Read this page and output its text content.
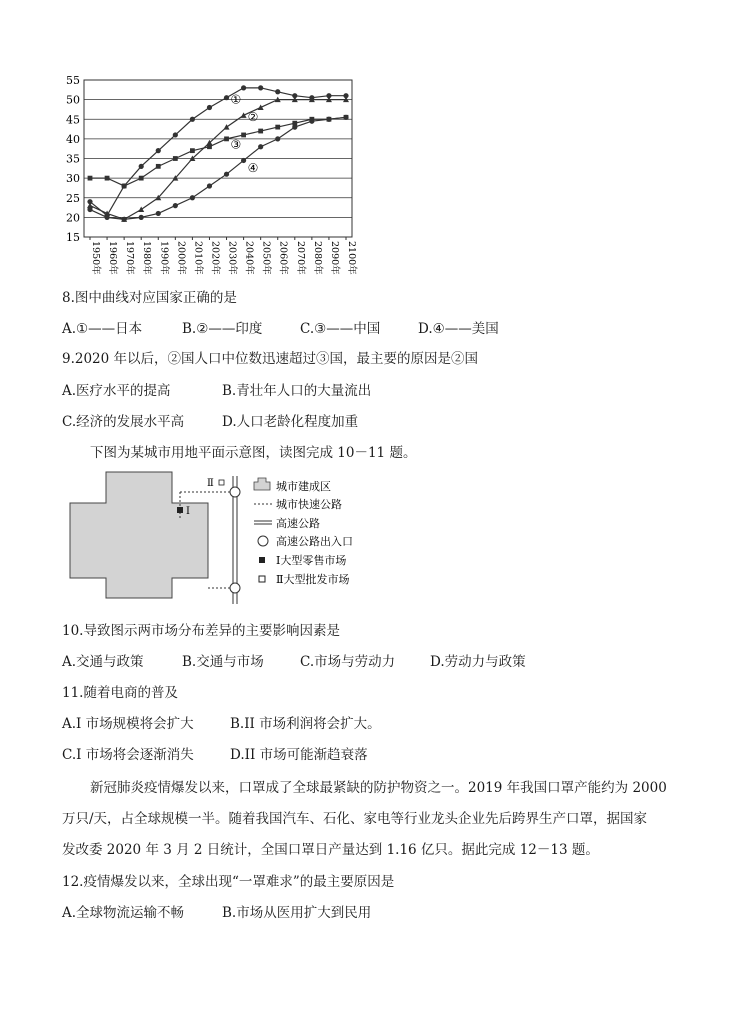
15
20
25
30
35
40
45
50
55
1950年 1960年 1970年 1980年 1990年 2000年 2010年 2020年 2030年 2040年 2050年 2060年 2070年 2080年 2090年 2100年
①
②
③
④
8.图中曲线对应国家正确的是
A.①——日本	B.②——印度	C.③——中国	D.④——美国
9.2020 年以后，②国人口中位数迅速超过③国，最主要的原因是②国
A.医疗水平的提高	B.青壮年人口的大量流出
C.经济的发展水平高	D.人口老龄化程度加重
下图为某城市用地平面示意图，读图完成 10－11 题。
Ⅰ
Ⅱ	城市建成区
城市快速公路
高速公路
高速公路出入口
Ⅰ大型零售市场
Ⅱ大型批发市场
10.导致图示两市场分布差异的主要影响因素是
A.交通与政策	B.交通与市场	C.市场与劳动力	D.劳动力与政策
11.随着电商的普及
A.I 市场规模将会扩大	B.II 市场利润将会扩大。
C.I 市场将会逐渐消失	D.II 市场可能渐趋衰落
新冠肺炎疫情爆发以来，口罩成了全球最紧缺的防护物资之一。2019 年我国口罩产能约为 2000
万只/天，占全球规模一半。随着我国汽车、石化、家电等行业龙头企业先后跨界生产口罩，据国家
发改委 2020 年 3 月 2 日统计，全国口罩日产量达到 1.16 亿只。据此完成 12－13 题。
12.疫情爆发以来，全球出现“一罩难求”的最主要原因是
A.全球物流运输不畅	B.市场从医用扩大到民用
